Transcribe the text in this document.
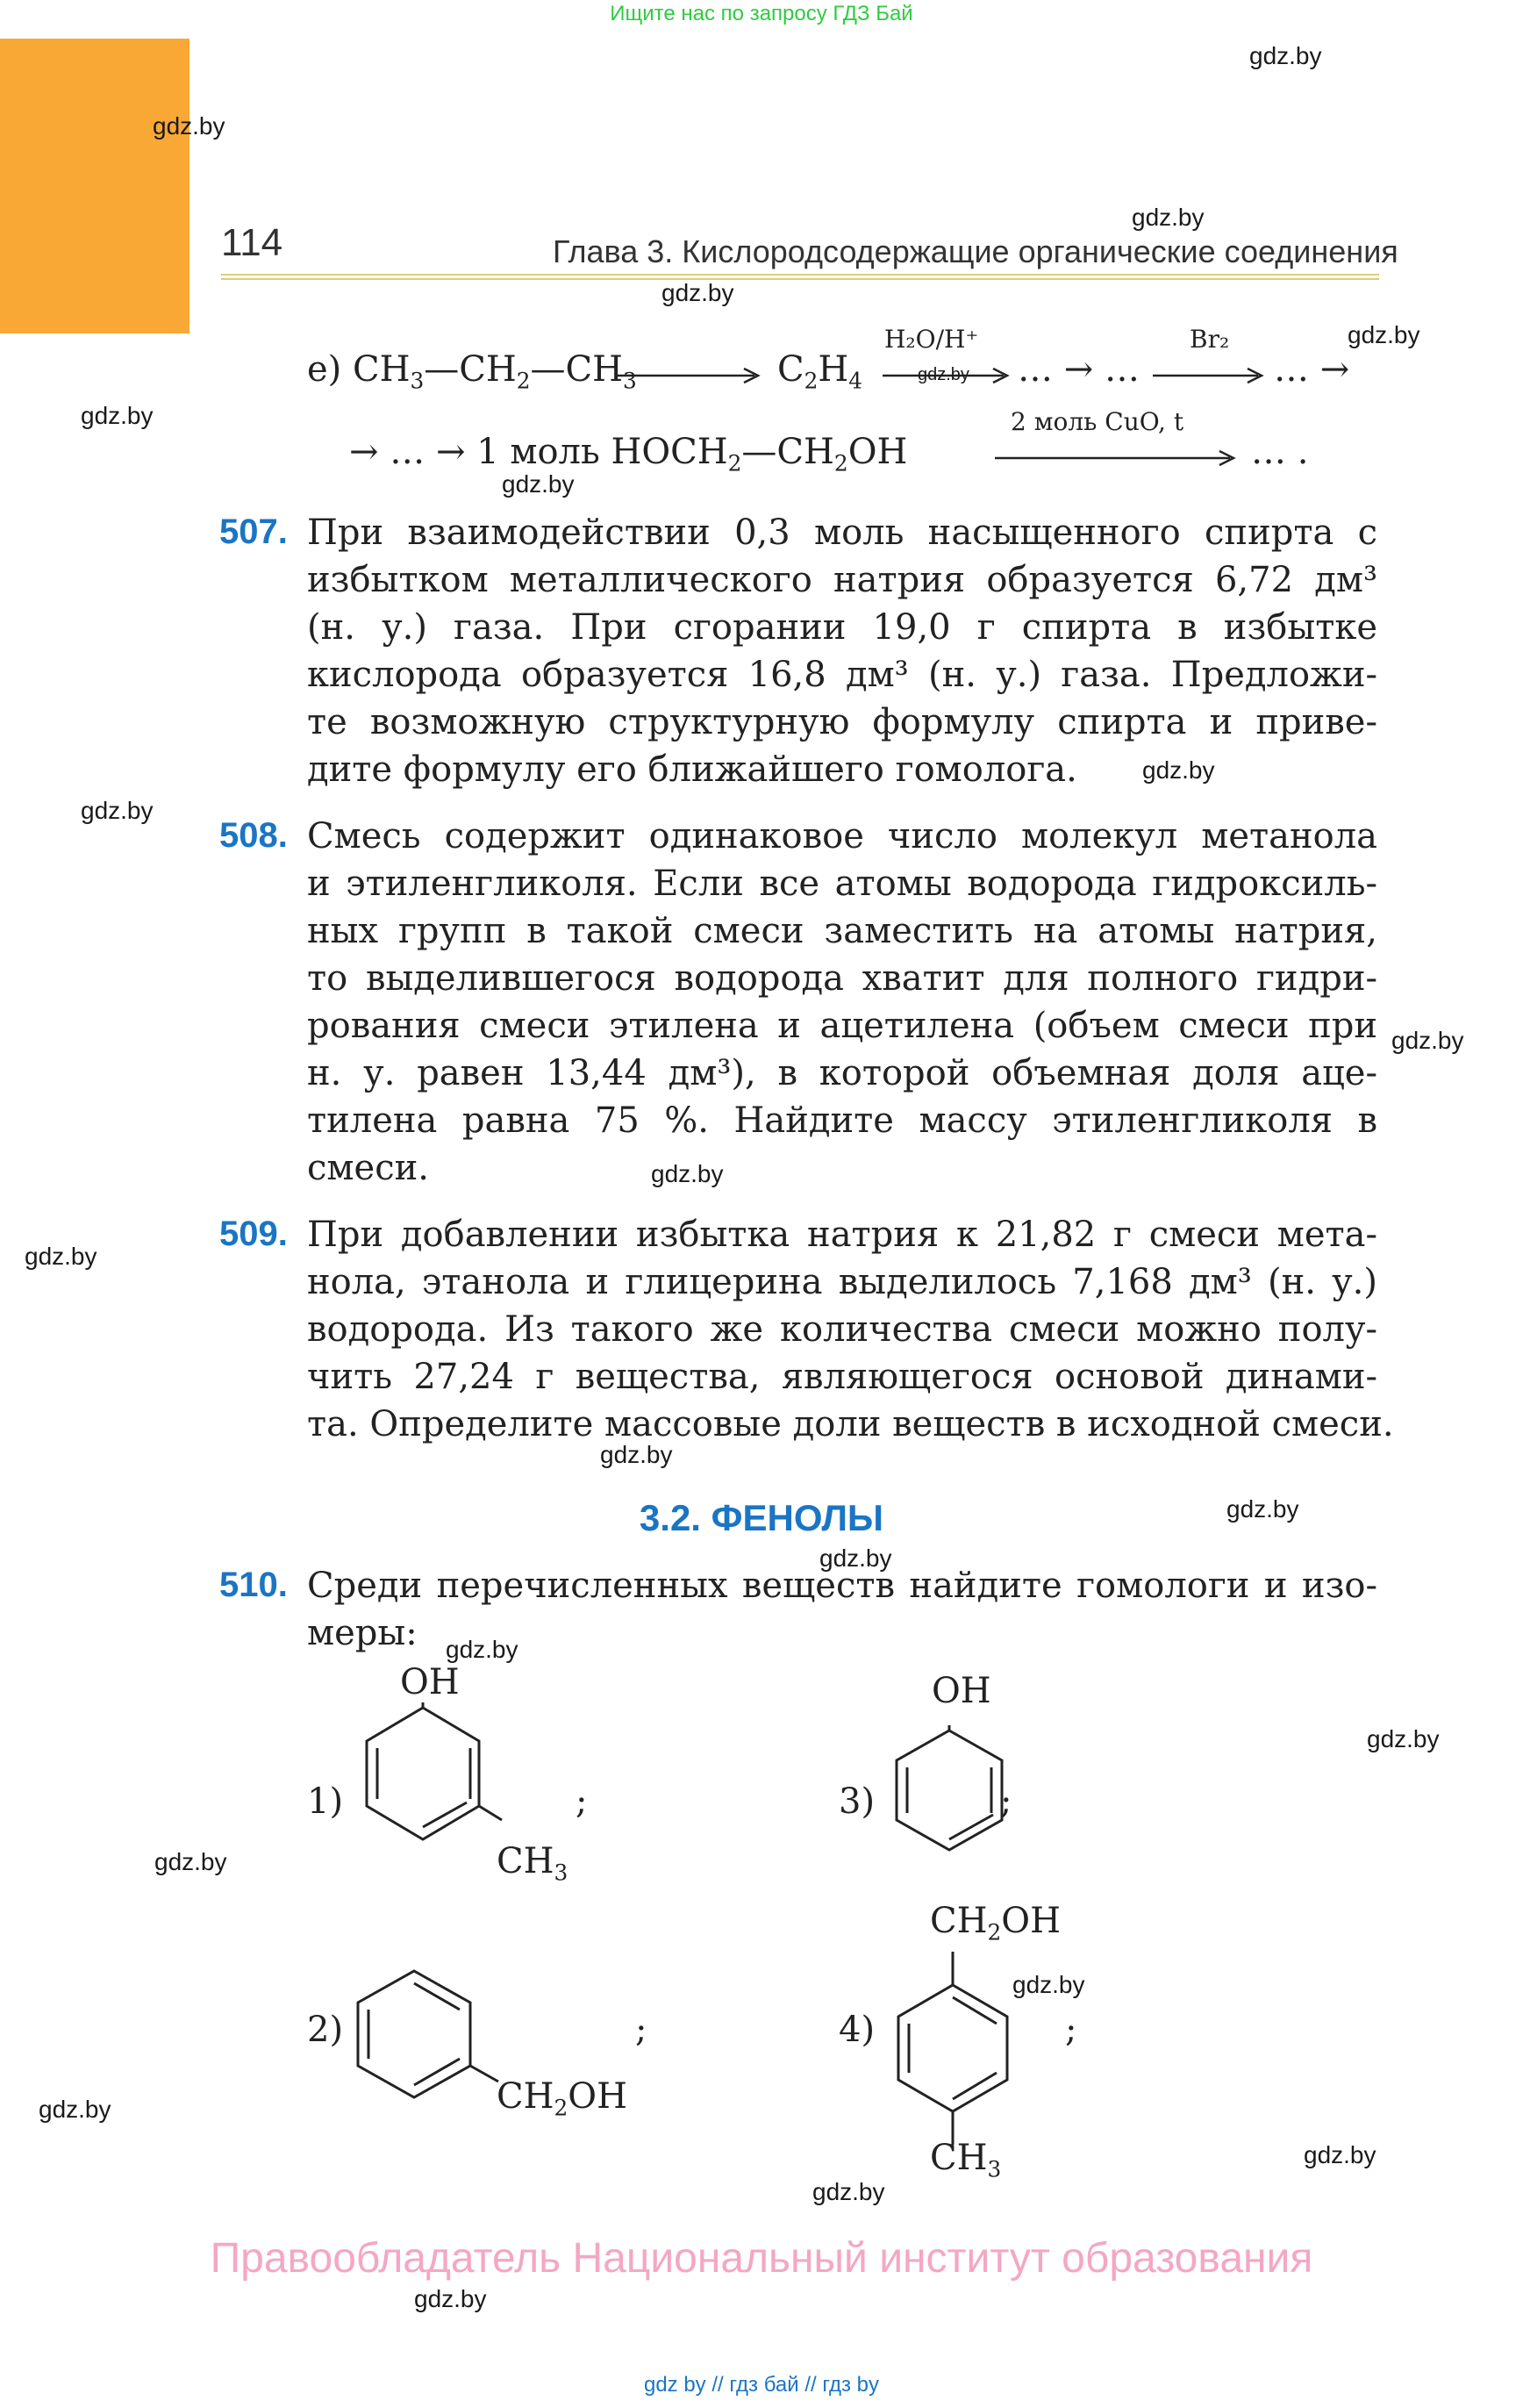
Ищите нас по запросу ГДЗ Бай
114	Глава 3. Кислородсодержащие органические соединения
е) $CH_3—CH_2—CH_3$	$C_2H_4$
H₂O/H⁺
… → …
Br₂
… →
→ … → 1 моль $HOCH_2—CH_2OH$
2 моль CuO, t
… .
507. При взаимодействии 0,3 моль насыщенного спирта с
избытком металлического натрия образуется 6,72 дм³
(н. у.) газа. При сгорании 19,0 г спирта в избытке
кислорода образуется 16,8 дм³ (н. у.) газа. Предложи-
те возможную структурную формулу спирта и приве-
дите формулу его ближайшего гомолога.
508. Смесь содержит одинаковое число молекул метанола
и этиленгликоля. Если все атомы водорода гидроксиль-
ных групп в такой смеси заместить на атомы натрия,
то выделившегося водорода хватит для полного гидри-
рования смеси этилена и ацетилена (объем смеси при
н. у. равен 13,44 дм³), в которой объемная доля аце-
тилена равна 75 %. Найдите массу этиленгликоля в
смеси.
509. При добавлении избытка натрия к 21,82 г смеси мета-
нола, этанола и глицерина выделилось 7,168 дм³ (н. у.)
водорода. Из такого же количества смеси можно полу-
чить 27,24 г вещества, являющегося основой динами-
та. Определите массовые доли веществ в исходной смеси.
3.2. ФЕНОЛЫ
510. Среди перечисленных веществ найдите гомологи и изо-
меры:
1)
OH
$CH_3$
;	3)
OH
;
2)
$CH_2OH$
;	4)
$CH_2OH$
$CH_3$
;
gdz.by
gdz.by
gdz.by
gdz.by
gdz.by
gdz.by
gdz.by
gdz.by
gdz.by
gdz.by
gdz.by
gdz.by
gdz.by
gdz.by
gdz.by
gdz.by
gdz.by
gdz.by
gdz.by
gdz.by
gdz.by
gdz.by
gdz.by
gdz.by
Правообладатель Национальный институт образования
gdz by // гдз бай // гдз by
